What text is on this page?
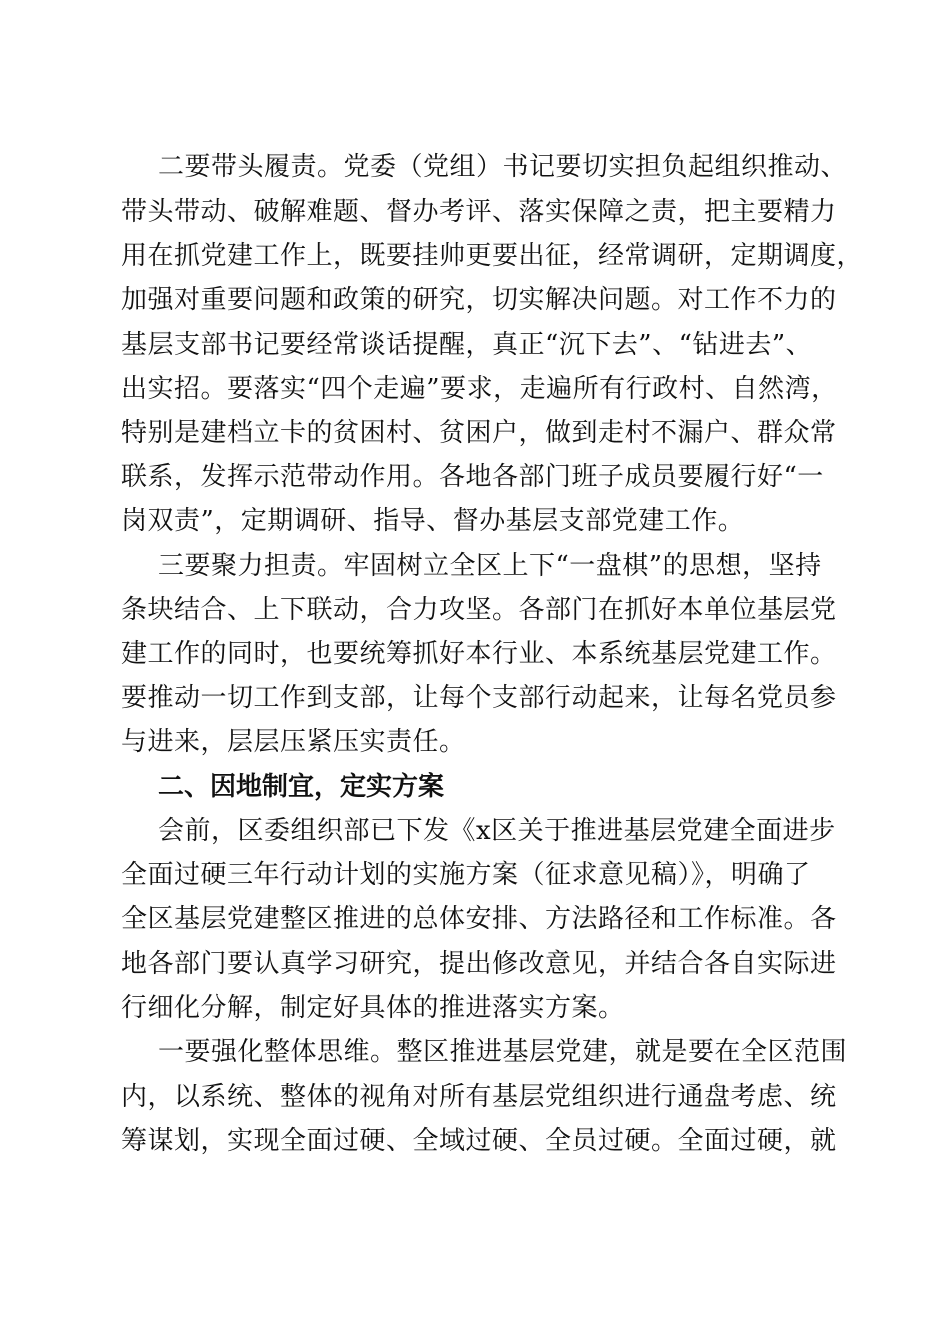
二要带头履责。党委（党组）书记要切实担负起组织推动、
带头带动、破解难题、督办考评、落实保障之责，把主要精力
用在抓党建工作上，既要挂帅更要出征，经常调研，定期调度，
加强对重要问题和政策的研究，切实解决问题。对工作不力的
基层支部书记要经常谈话提醒，真正“沉下去”、“钻进去”、
出实招。要落实“四个走遍”要求，走遍所有行政村、自然湾，
特别是建档立卡的贫困村、贫困户，做到走村不漏户、群众常
联系，发挥示范带动作用。各地各部门班子成员要履行好“一
岗双责”，定期调研、指导、督办基层支部党建工作。
三要聚力担责。牢固树立全区上下“一盘棋”的思想，坚持
条块结合、上下联动，合力攻坚。各部门在抓好本单位基层党
建工作的同时，也要统筹抓好本行业、本系统基层党建工作。
要推动一切工作到支部，让每个支部行动起来，让每名党员参
与进来，层层压紧压实责任。
二、因地制宜，定实方案
会前，区委组织部已下发《x区关于推进基层党建全面进步
全面过硬三年行动计划的实施方案（征求意见稿）》，明确了
全区基层党建整区推进的总体安排、方法路径和工作标准。各
地各部门要认真学习研究，提出修改意见，并结合各自实际进
行细化分解，制定好具体的推进落实方案。
一要强化整体思维。整区推进基层党建，就是要在全区范围
内，以系统、整体的视角对所有基层党组织进行通盘考虑、统
筹谋划，实现全面过硬、全域过硬、全员过硬。全面过硬，就
